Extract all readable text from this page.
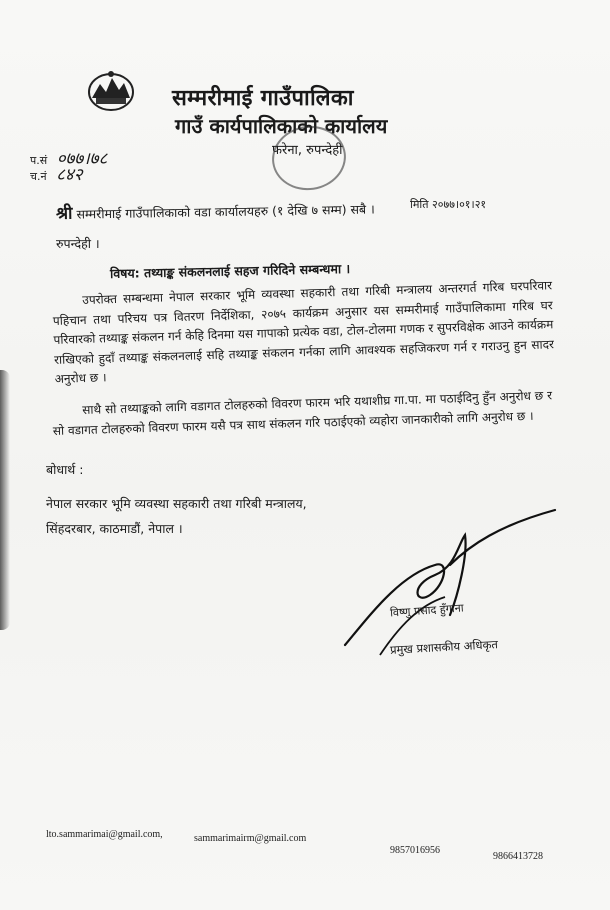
सम्मरीमाई गाउँपालिका
गाउँ कार्यपालिकाको कार्यालय
फरेना, रुपन्देही
प.सं ०७७।७८
च.नं ८४२
मिति २०७७।०१।२१
श्री सम्मरीमाई गाउँपालिकाको वडा कार्यालयहरु (१ देखि ७ सम्म) सबै ।
रुपन्देही ।
विषय: तथ्याङ्क संकलनलाई सहज गरिदिने सम्बन्धमा ।
उपरोक्त सम्बन्धमा नेपाल सरकार भूमि व्यवस्था सहकारी तथा गरिबी मन्त्रालय अन्तरगर्त गरिब घरपरिवार पहिचान तथा परिचय पत्र वितरण निर्देशिका, २०७५ कार्यक्रम अनुसार यस सम्मरीमाई गाउँपालिकामा गरिब घर परिवारको तथ्याङ्क संकलन गर्न केहि दिनमा यस गापाको प्रत्येक वडा, टोल-टोलमा गणक र सुपरविक्षेक आउने कार्यक्रम राखिएको हुदाँ तथ्याङ्क संकलनलाई सहि तथ्याङ्क संकलन गर्नका लागि आवश्यक सहजिकरण गर्न र गराउनु हुन सादर अनुरोध छ ।
साथै सो तथ्याङ्कको लागि वडागत टोलहरुको विवरण फारम भरि यथाशीघ्र गा.पा. मा पठाईदिनु हुँन अनुरोध छ र सो वडागत टोलहरुको विवरण फारम यसै पत्र साथ संकलन गरि पठाईएको व्यहोरा जानकारीको लागि अनुरोध छ ।
बोधार्थ :
नेपाल सरकार भूमि व्यवस्था सहकारी तथा गरिबी मन्त्रालय,
सिंहदरबार, काठमाडौं, नेपाल ।
विष्णु प्रसाद हुँगाना
प्रमुख प्रशासकीय अधिकृत
lto.sammarimai@gmail.com,	sammarimairm@gmail.com
9857016956
9866413728
